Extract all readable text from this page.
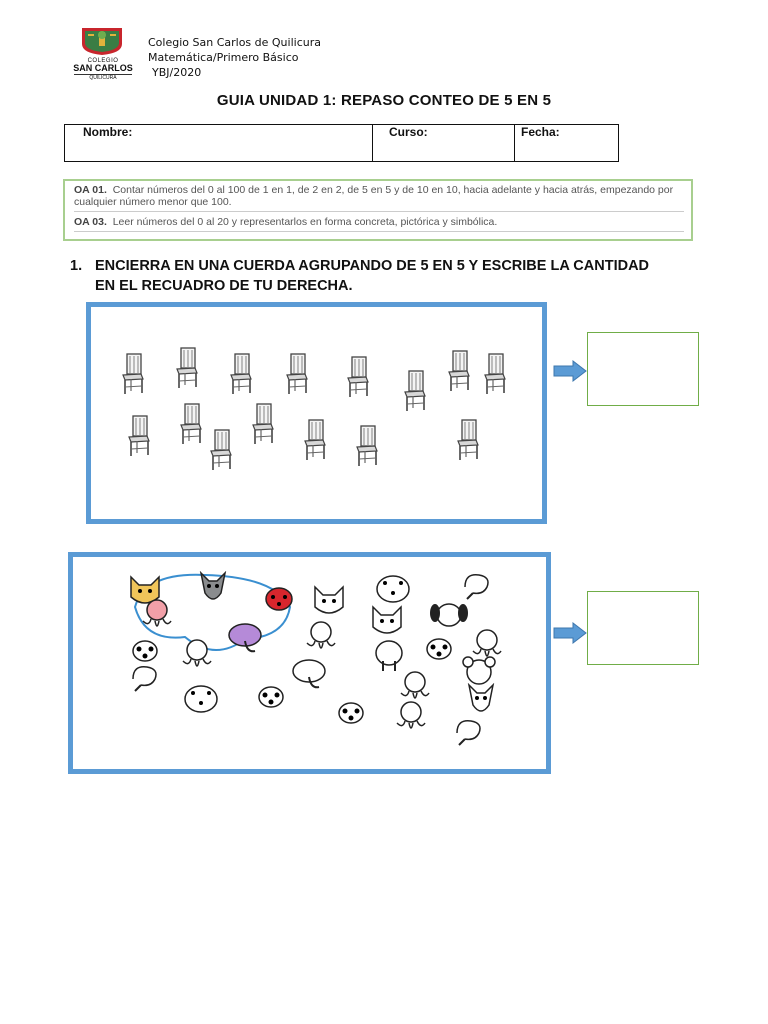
COLEGIO
SAN CARLOS
QUILICURA
Colegio San Carlos de Quilicura
Matemática/Primero Básico
YBJ/2020
GUIA UNIDAD 1: REPASO CONTEO DE 5 EN 5
Nombre:	Curso:	Fecha:
OA 01. Contar números del 0 al 100 de 1 en 1, de 2 en 2, de 5 en 5 y de 10 en 10, hacia adelante y hacia atrás, empezando por cualquier número menor que 100.
OA 03. Leer números del 0 al 20 y representarlos en forma concreta, pictórica y simbólica.
1. ENCIERRA EN UNA CUERDA AGRUPANDO DE 5 EN 5 Y ESCRIBE LA CANTIDAD EN EL RECUADRO DE TU DERECHA.
